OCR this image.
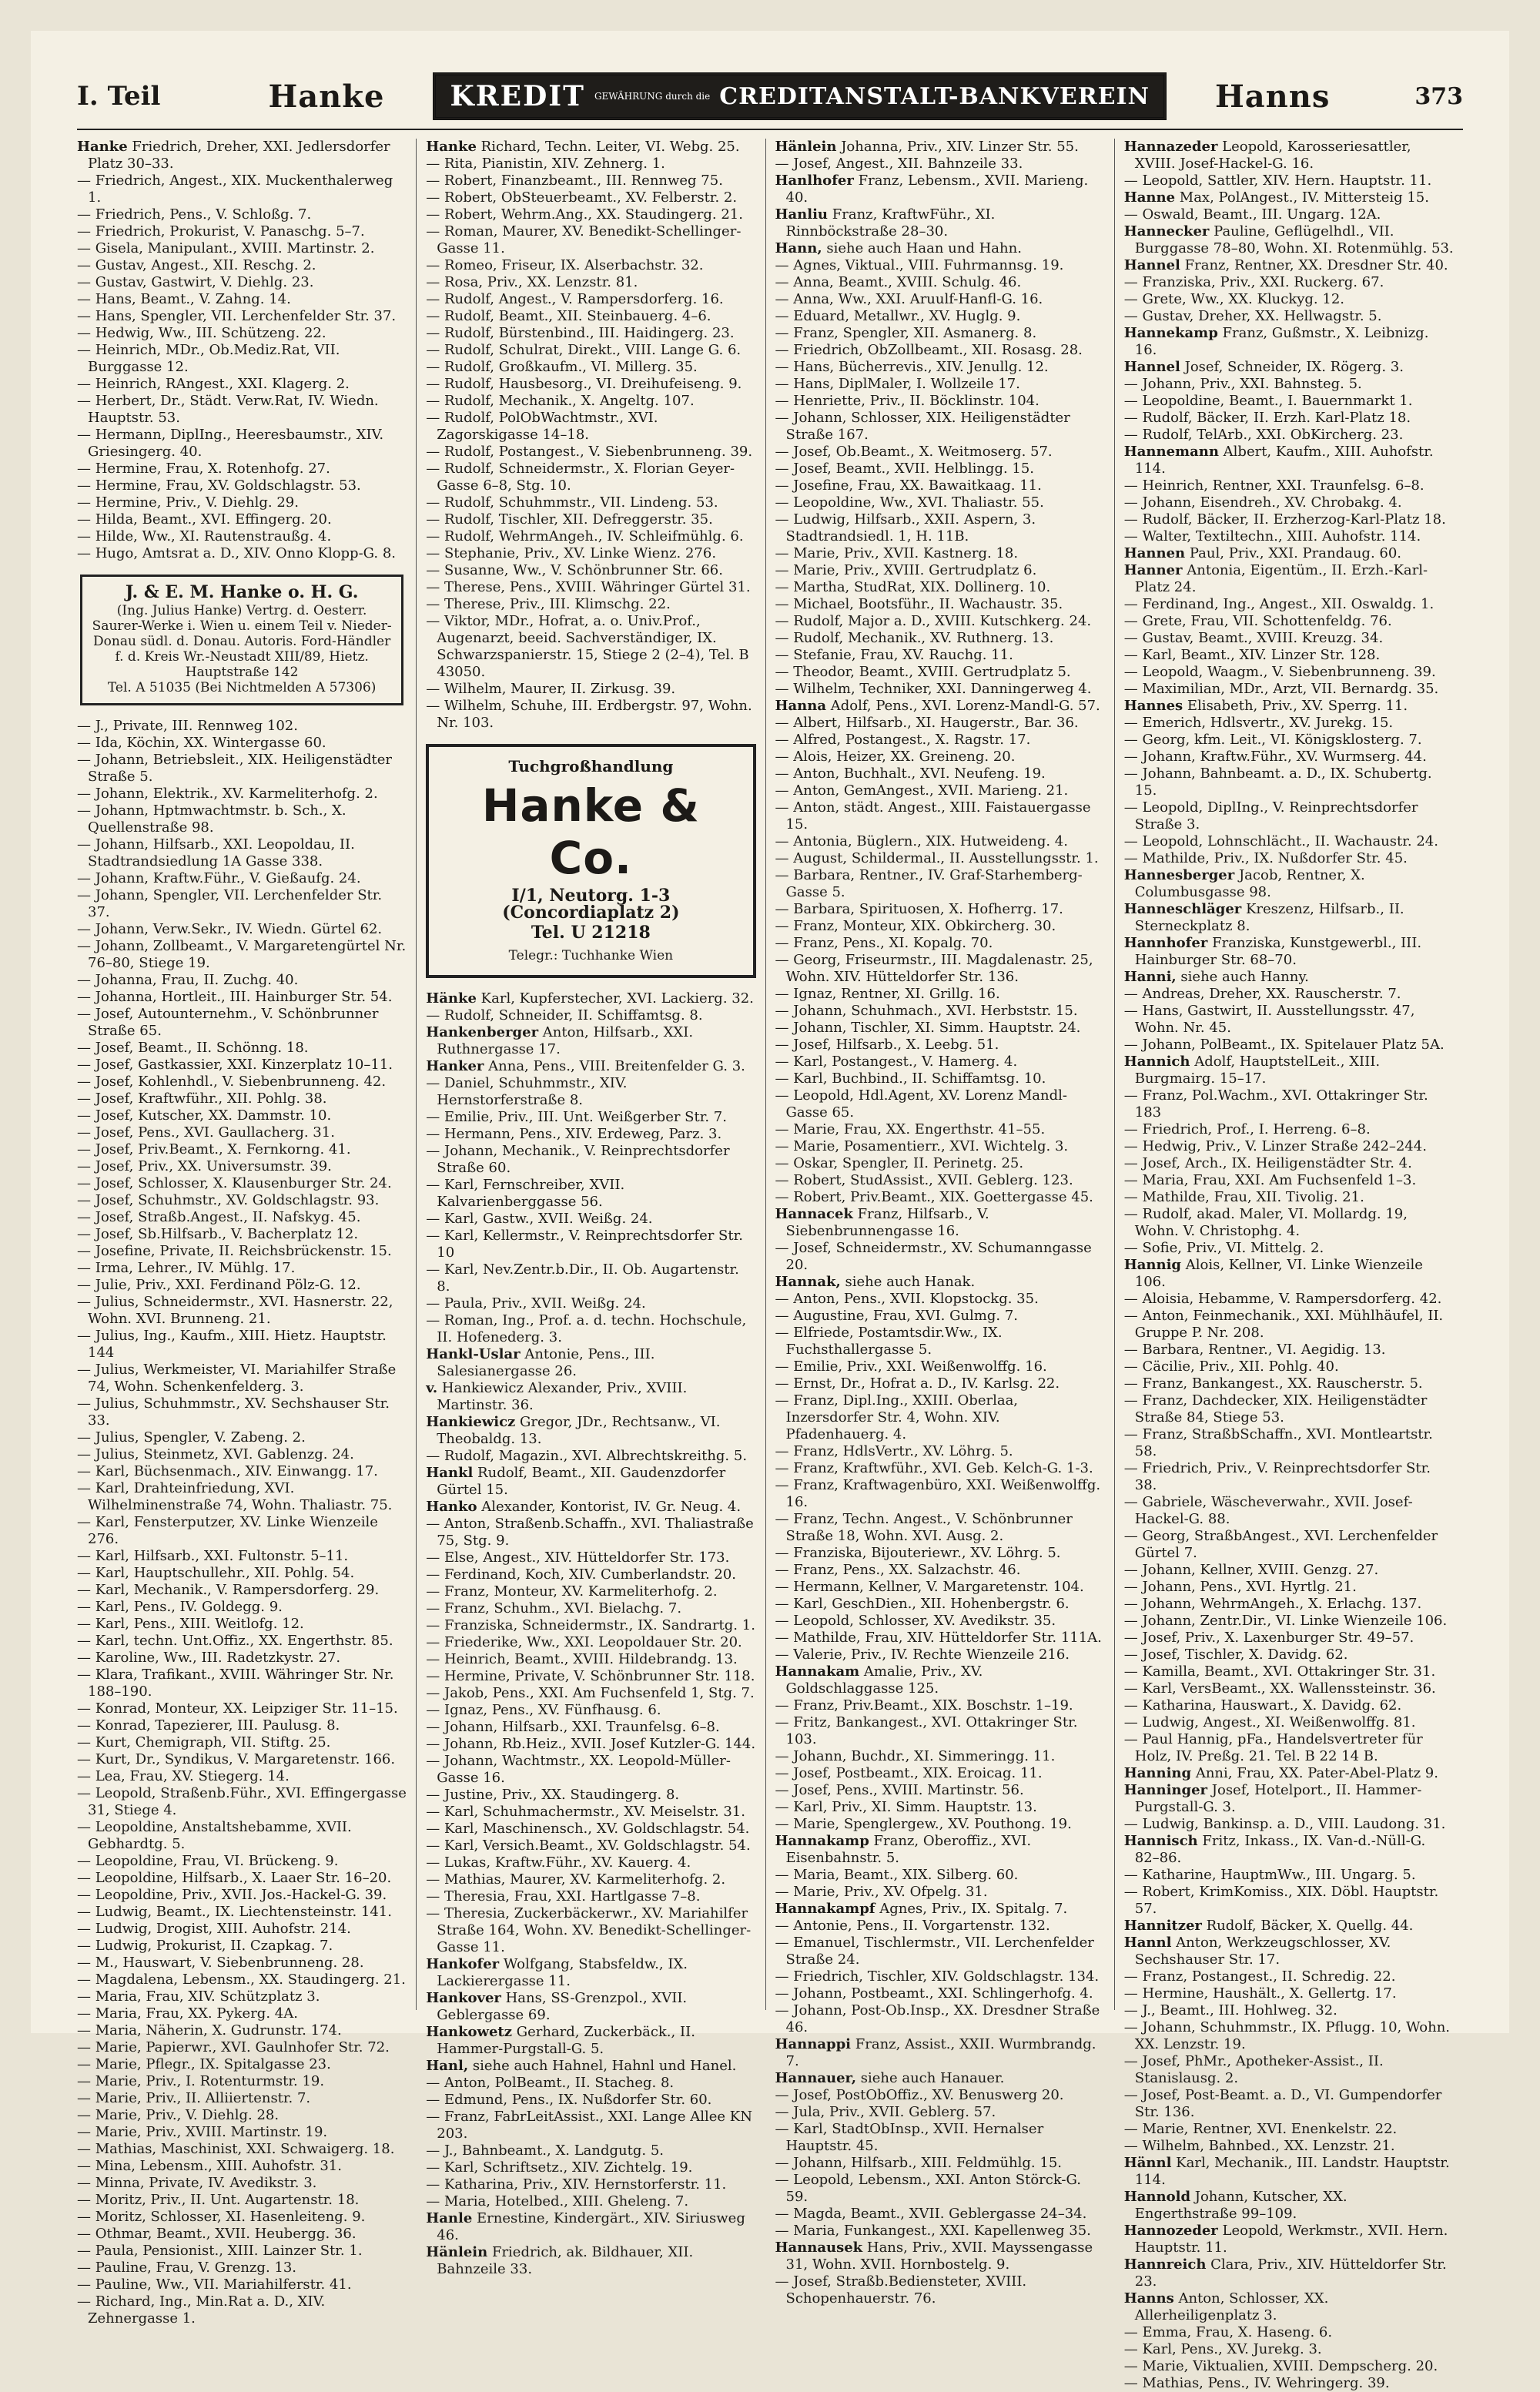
I. Teil	Hanke KREDIT GEWÄHRUNG durch die CREDITANSTALT-BANKVEREIN Hanns	373

Hanke Friedrich, Dreher, XXI. Jedlersdorfer Platz 30–33.

— Friedrich, Angest., XIX. Muckenthalerweg 1.

— Friedrich, Pens., V. Schloßg. 7.

— Friedrich, Prokurist, V. Panaschg. 5–7.

— Gisela, Manipulant., XVIII. Martinstr. 2.

— Gustav, Angest., XII. Reschg. 2.

— Gustav, Gastwirt, V. Diehlg. 23.

— Hans, Beamt., V. Zahng. 14.

— Hans, Spengler, VII. Lerchenfelder Str. 37.

— Hedwig, Ww., III. Schützeng. 22.

— Heinrich, MDr., Ob.Mediz.Rat, VII. Burggasse 12.

— Heinrich, RAngest., XXI. Klagerg. 2.

— Herbert, Dr., Städt. Verw.Rat, IV. Wiedn. Hauptstr. 53.

— Hermann, DiplIng., Heeresbaumstr., XIV. Griesingerg. 40.

— Hermine, Frau, X. Rotenhofg. 27.

— Hermine, Frau, XV. Goldschlagstr. 53.

— Hermine, Priv., V. Diehlg. 29.

— Hilda, Beamt., XVI. Effingerg. 20.

— Hilde, Ww., XI. Rautenstraußg. 4.

— Hugo, Amtsrat a. D., XIV. Onno Klopp-G. 8.

J. & E. M. Hanke o. H. G.
(Ing. Julius Hanke) Vertrg. d. Oesterr. Saurer-Werke i. Wien u. einem Teil v. Nieder-Donau südl. d. Donau. Autoris. Ford-Händler f. d. Kreis Wr.-Neustadt XIII/89, Hietz. Hauptstraße 142
Tel. A 51035 (Bei Nichtmelden A 57306)

— J., Private, III. Rennweg 102.

— Ida, Köchin, XX. Wintergasse 60.

— Johann, Betriebsleit., XIX. Heiligenstädter Straße 5.

— Johann, Elektrik., XV. Karmeliterhofg. 2.

— Johann, Hptmwachtmstr. b. Sch., X. Quellenstraße 98.

— Johann, Hilfsarb., XXI. Leopoldau, II. Stadtrandsiedlung 1A Gasse 338.

— Johann, Kraftw.Führ., V. Gießaufg. 24.

— Johann, Spengler, VII. Lerchenfelder Str. 37.

— Johann, Verw.Sekr., IV. Wiedn. Gürtel 62.

— Johann, Zollbeamt., V. Margaretengürtel Nr. 76–80, Stiege 19.

— Johanna, Frau, II. Zuchg. 40.

— Johanna, Hortleit., III. Hainburger Str. 54.

— Josef, Autounternehm., V. Schönbrunner Straße 65.

— Josef, Beamt., II. Schönng. 18.

— Josef, Gastkassier, XXI. Kinzerplatz 10–11.

— Josef, Kohlenhdl., V. Siebenbrunneng. 42.

— Josef, Kraftwführ., XII. Pohlg. 38.

— Josef, Kutscher, XX. Dammstr. 10.

— Josef, Pens., XVI. Gaullacherg. 31.

— Josef, Priv.Beamt., X. Fernkorng. 41.

— Josef, Priv., XX. Universumstr. 39.

— Josef, Schlosser, X. Klausenburger Str. 24.

— Josef, Schuhmstr., XV. Goldschlagstr. 93.

— Josef, Straßb.Angest., II. Nafskyg. 45.

— Josef, Sb.Hilfsarb., V. Bacherplatz 12.

— Josefine, Private, II. Reichsbrückenstr. 15.

— Irma, Lehrer., IV. Mühlg. 17.

— Julie, Priv., XXI. Ferdinand Pölz-G. 12.

— Julius, Schneidermstr., XVI. Hasnerstr. 22, Wohn. XVI. Brunneng. 21.

— Julius, Ing., Kaufm., XIII. Hietz. Hauptstr. 144

— Julius, Werkmeister, VI. Mariahilfer Straße 74, Wohn. Schenkenfelderg. 3.

— Julius, Schuhmmstr., XV. Sechshauser Str. 33.

— Julius, Spengler, V. Zabeng. 2.

— Julius, Steinmetz, XVI. Gablenzg. 24.

— Karl, Büchsenmach., XIV. Einwangg. 17.

— Karl, Drahteinfriedung, XVI. Wilhelminenstraße 74, Wohn. Thaliastr. 75.

— Karl, Fensterputzer, XV. Linke Wienzeile 276.

— Karl, Hilfsarb., XXI. Fultonstr. 5–11.

— Karl, Hauptschullehr., XII. Pohlg. 54.

— Karl, Mechanik., V. Rampersdorferg. 29.

— Karl, Pens., IV. Goldegg. 9.

— Karl, Pens., XIII. Weitlofg. 12.

— Karl, techn. Unt.Offiz., XX. Engerthstr. 85.

— Karoline, Ww., III. Radetzkystr. 27.

— Klara, Trafikant., XVIII. Währinger Str. Nr. 188–190.

— Konrad, Monteur, XX. Leipziger Str. 11–15.

— Konrad, Tapezierer, III. Paulusg. 8.

— Kurt, Chemigraph, VII. Stiftg. 25.

— Kurt, Dr., Syndikus, V. Margaretenstr. 166.

— Lea, Frau, XV. Stiegerg. 14.

— Leopold, Straßenb.Führ., XVI. Effingergasse 31, Stiege 4.

— Leopoldine, Anstaltshebamme, XVII. Gebhardtg. 5.

— Leopoldine, Frau, VI. Brückeng. 9.

— Leopoldine, Hilfsarb., X. Laaer Str. 16–20.

— Leopoldine, Priv., XVII. Jos.-Hackel-G. 39.

— Ludwig, Beamt., IX. Liechtensteinstr. 141.

— Ludwig, Drogist, XIII. Auhofstr. 214.

— Ludwig, Prokurist, II. Czapkag. 7.

— M., Hauswart, V. Siebenbrunneng. 28.

— Magdalena, Lebensm., XX. Staudingerg. 21.

— Maria, Frau, XIV. Schützplatz 3.

— Maria, Frau, XX. Pykerg. 4A.

— Maria, Näherin, X. Gudrunstr. 174.

— Marie, Papierwr., XVI. Gaulnhofer Str. 72.

— Marie, Pflegr., IX. Spitalgasse 23.

— Marie, Priv., I. Rotenturmstr. 19.

— Marie, Priv., II. Alliiertenstr. 7.

— Marie, Priv., V. Diehlg. 28.

— Marie, Priv., XVIII. Martinstr. 19.

— Mathias, Maschinist, XXI. Schwaigerg. 18.

— Mina, Lebensm., XIII. Auhofstr. 31.

— Minna, Private, IV. Avedikstr. 3.

— Moritz, Priv., II. Unt. Augartenstr. 18.

— Moritz, Schlosser, XI. Hasenleiteng. 9.

— Othmar, Beamt., XVII. Heubergg. 36.

— Paula, Pensionist., XIII. Lainzer Str. 1.

— Pauline, Frau, V. Grenzg. 13.

— Pauline, Ww., VII. Mariahilferstr. 41.

— Richard, Ing., Min.Rat a. D., XIV. Zehnergasse 1.

Hanke Richard, Techn. Leiter, VI. Webg. 25.

— Rita, Pianistin, XIV. Zehnerg. 1.

— Robert, Finanzbeamt., III. Rennweg 75.

— Robert, ObSteuerbeamt., XV. Felberstr. 2.

— Robert, Wehrm.Ang., XX. Staudingerg. 21.

— Roman, Maurer, XV. Benedikt-Schellinger-Gasse 11.

— Romeo, Friseur, IX. Alserbachstr. 32.

— Rosa, Priv., XX. Lenzstr. 81.

— Rudolf, Angest., V. Rampersdorferg. 16.

— Rudolf, Beamt., XII. Steinbauerg. 4–6.

— Rudolf, Bürstenbind., III. Haidingerg. 23.

— Rudolf, Schulrat, Direkt., VIII. Lange G. 6.

— Rudolf, Großkaufm., VI. Millerg. 35.

— Rudolf, Hausbesorg., VI. Dreihufeiseng. 9.

— Rudolf, Mechanik., X. Angeltg. 107.

— Rudolf, PolObWachtmstr., XVI. Zagorskigasse 14–18.

— Rudolf, Postangest., V. Siebenbrunneng. 39.

— Rudolf, Schneidermstr., X. Florian Geyer-Gasse 6–8, Stg. 10.

— Rudolf, Schuhmmstr., VII. Lindeng. 53.

— Rudolf, Tischler, XII. Defreggerstr. 35.

— Rudolf, WehrmAngeh., IV. Schleifmühlg. 6.

— Stephanie, Priv., XV. Linke Wienz. 276.

— Susanne, Ww., V. Schönbrunner Str. 66.

— Therese, Pens., XVIII. Währinger Gürtel 31.

— Therese, Priv., III. Klimschg. 22.

— Viktor, MDr., Hofrat, a. o. Univ.Prof., Augenarzt, beeid. Sachverständiger, IX. Schwarzspanierstr. 15, Stiege 2 (2–4), Tel. B 43050.

— Wilhelm, Maurer, II. Zirkusg. 39.

— Wilhelm, Schuhe, III. Erdbergstr. 97, Wohn. Nr. 103.

Tuchgroßhandlung
Hanke & Co.
I/1, Neutorg. 1-3 (Concordiaplatz 2)
Tel. U 21218
Telegr.: Tuchhanke Wien

Hänke Karl, Kupferstecher, XVI. Lackierg. 32.

— Rudolf, Schneider, II. Schiffamtsg. 8.

Hankenberger Anton, Hilfsarb., XXI. Ruthnergasse 17.

Hanker Anna, Pens., VIII. Breitenfelder G. 3.

— Daniel, Schuhmmstr., XIV. Hernstorferstraße 8.

— Emilie, Priv., III. Unt. Weißgerber Str. 7.

— Hermann, Pens., XIV. Erdeweg, Parz. 3.

— Johann, Mechanik., V. Reinprechtsdorfer Straße 60.

— Karl, Fernschreiber, XVII. Kalvarienberggasse 56.

— Karl, Gastw., XVII. Weißg. 24.

— Karl, Kellermstr., V. Reinprechtsdorfer Str. 10

— Karl, Nev.Zentr.b.Dir., II. Ob. Augartenstr. 8.

— Paula, Priv., XVII. Weißg. 24.

— Roman, Ing., Prof. a. d. techn. Hochschule, II. Hofenederg. 3.

Hankl-Uslar Antonie, Pens., III. Salesianergasse 26.

v. Hankiewicz Alexander, Priv., XVIII. Martinstr. 36.

Hankiewicz Gregor, JDr., Rechtsanw., VI. Theobaldg. 13.

— Rudolf, Magazin., XVI. Albrechtskreithg. 5.

Hankl Rudolf, Beamt., XII. Gaudenzdorfer Gürtel 15.

Hanko Alexander, Kontorist, IV. Gr. Neug. 4.

— Anton, Straßenb.Schaffn., XVI. Thaliastraße 75, Stg. 9.

— Else, Angest., XIV. Hütteldorfer Str. 173.

— Ferdinand, Koch, XIV. Cumberlandstr. 20.

— Franz, Monteur, XV. Karmeliterhofg. 2.

— Franz, Schuhm., XVI. Bielachg. 7.

— Franziska, Schneidermstr., IX. Sandrartg. 1.

— Friederike, Ww., XXI. Leopoldauer Str. 20.

— Heinrich, Beamt., XVIII. Hildebrandg. 13.

— Hermine, Private, V. Schönbrunner Str. 118.

— Jakob, Pens., XXI. Am Fuchsenfeld 1, Stg. 7.

— Ignaz, Pens., XV. Fünfhausg. 6.

— Johann, Hilfsarb., XXI. Traunfelsg. 6–8.

— Johann, Rb.Heiz., XVII. Josef Kutzler-G. 144.

— Johann, Wachtmstr., XX. Leopold-Müller-Gasse 16.

— Justine, Priv., XX. Staudingerg. 8.

— Karl, Schuhmachermstr., XV. Meiselstr. 31.

— Karl, Maschinensch., XV. Goldschlagstr. 54.

— Karl, Versich.Beamt., XV. Goldschlagstr. 54.

— Lukas, Kraftw.Führ., XV. Kauerg. 4.

— Mathias, Maurer, XV. Karmeliterhofg. 2.

— Theresia, Frau, XXI. Hartlgasse 7–8.

— Theresia, Zuckerbäckerwr., XV. Mariahilfer Straße 164, Wohn. XV. Benedikt-Schellinger-Gasse 11.

Hankofer Wolfgang, Stabsfeldw., IX. Lackierergasse 11.

Hankover Hans, SS-Grenzpol., XVII. Geblergasse 69.

Hankowetz Gerhard, Zuckerbäck., II. Hammer-Purgstall-G. 5.

Hanl, siehe auch Hahnel, Hahnl und Hanel.

— Anton, PolBeamt., II. Stacheg. 8.

— Edmund, Pens., IX. Nußdorfer Str. 60.

— Franz, FabrLeitAssist., XXI. Lange Allee KN 203.

— J., Bahnbeamt., X. Landgutg. 5.

— Karl, Schriftsetz., XIV. Zichtelg. 19.

— Katharina, Priv., XIV. Hernstorferstr. 11.

— Maria, Hotelbed., XIII. Gheleng. 7.

Hanle Ernestine, Kindergärt., XIV. Siriusweg 46.

Hänlein Friedrich, ak. Bildhauer, XII. Bahnzeile 33.

Hänlein Johanna, Priv., XIV. Linzer Str. 55.

— Josef, Angest., XII. Bahnzeile 33.

Hanlhofer Franz, Lebensm., XVII. Marieng. 40.

Hanliu Franz, KraftwFühr., XI. Rinnböckstraße 28–30.

Hann, siehe auch Haan und Hahn.

— Agnes, Viktual., VIII. Fuhrmannsg. 19.

— Anna, Beamt., XVIII. Schulg. 46.

— Anna, Ww., XXI. Aruulf-Hanfl-G. 16.

— Eduard, Metallwr., XV. Huglg. 9.

— Franz, Spengler, XII. Asmanerg. 8.

— Friedrich, ObZollbeamt., XII. Rosasg. 28.

— Hans, Bücherrevis., XIV. Jenullg. 12.

— Hans, DiplMaler, I. Wollzeile 17.

— Henriette, Priv., II. Böcklinstr. 104.

— Johann, Schlosser, XIX. Heiligenstädter Straße 167.

— Josef, Ob.Beamt., X. Weitmoserg. 57.

— Josef, Beamt., XVII. Helblingg. 15.

— Josefine, Frau, XX. Bawaitkaag. 11.

— Leopoldine, Ww., XVI. Thaliastr. 55.

— Ludwig, Hilfsarb., XXII. Aspern, 3. Stadtrandsiedl. 1, H. 11B.

— Marie, Priv., XVII. Kastnerg. 18.

— Marie, Priv., XVIII. Gertrudplatz 6.

— Martha, StudRat, XIX. Dollinerg. 10.

— Michael, Bootsführ., II. Wachaustr. 35.

— Rudolf, Major a. D., XVIII. Kutschkerg. 24.

— Rudolf, Mechanik., XV. Ruthnerg. 13.

— Stefanie, Frau, XV. Rauchg. 11.

— Theodor, Beamt., XVIII. Gertrudplatz 5.

— Wilhelm, Techniker, XXI. Danningerweg 4.

Hanna Adolf, Pens., XVI. Lorenz-Mandl-G. 57.

— Albert, Hilfsarb., XI. Haugerstr., Bar. 36.

— Alfred, Postangest., X. Ragstr. 17.

— Alois, Heizer, XX. Greineng. 20.

— Anton, Buchhalt., XVI. Neufeng. 19.

— Anton, GemAngest., XVII. Marieng. 21.

— Anton, städt. Angest., XIII. Faistauergasse 15.

— Antonia, Büglern., XIX. Hutweideng. 4.

— August, Schildermal., II. Ausstellungsstr. 1.

— Barbara, Rentner., IV. Graf-Starhemberg-Gasse 5.

— Barbara, Spirituosen, X. Hofherrg. 17.

— Franz, Monteur, XIX. Obkircherg. 30.

— Franz, Pens., XI. Kopalg. 70.

— Georg, Friseurmstr., III. Magdalenastr. 25, Wohn. XIV. Hütteldorfer Str. 136.

— Ignaz, Rentner, XI. Grillg. 16.

— Johann, Schuhmach., XVI. Herbststr. 15.

— Johann, Tischler, XI. Simm. Hauptstr. 24.

— Josef, Hilfsarb., X. Leebg. 51.

— Karl, Postangest., V. Hamerg. 4.

— Karl, Buchbind., II. Schiffamtsg. 10.

— Leopold, Hdl.Agent, XV. Lorenz Mandl-Gasse 65.

— Marie, Frau, XX. Engerthstr. 41–55.

— Marie, Posamentierr., XVI. Wichtelg. 3.

— Oskar, Spengler, II. Perinetg. 25.

— Robert, StudAssist., XVII. Geblerg. 123.

— Robert, Priv.Beamt., XIX. Goettergasse 45.

Hannacek Franz, Hilfsarb., V. Siebenbrunnengasse 16.

— Josef, Schneidermstr., XV. Schumanngasse 20.

Hannak, siehe auch Hanak.

— Anton, Pens., XVII. Klopstockg. 35.

— Augustine, Frau, XVI. Gulmg. 7.

— Elfriede, Postamtsdir.Ww., IX. Fuchsthallergasse 5.

— Emilie, Priv., XXI. Weißenwolffg. 16.

— Ernst, Dr., Hofrat a. D., IV. Karlsg. 22.

— Franz, Dipl.Ing., XXIII. Oberlaa, Inzersdorfer Str. 4, Wohn. XIV. Pfadenhauerg. 4.

— Franz, HdlsVertr., XV. Löhrg. 5.

— Franz, Kraftwführ., XVI. Geb. Kelch-G. 1-3.

— Franz, Kraftwagenbüro, XXI. Weißenwolffg. 16.

— Franz, Techn. Angest., V. Schönbrunner Straße 18, Wohn. XVI. Ausg. 2.

— Franziska, Bijouteriewr., XV. Löhrg. 5.

— Franz, Pens., XX. Salzachstr. 46.

— Hermann, Kellner, V. Margaretenstr. 104.

— Karl, GeschDien., XII. Hohenbergstr. 6.

— Leopold, Schlosser, XV. Avedikstr. 35.

— Mathilde, Frau, XIV. Hütteldorfer Str. 111A.

— Valerie, Priv., IV. Rechte Wienzeile 216.

Hannakam Amalie, Priv., XV. Goldschlaggasse 125.

— Franz, Priv.Beamt., XIX. Boschstr. 1–19.

— Fritz, Bankangest., XVI. Ottakringer Str. 103.

— Johann, Buchdr., XI. Simmeringg. 11.

— Josef, Postbeamt., XIX. Eroicag. 11.

— Josef, Pens., XVIII. Martinstr. 56.

— Karl, Priv., XI. Simm. Hauptstr. 13.

— Marie, Spenglergew., XV. Pouthong. 19.

Hannakamp Franz, Oberoffiz., XVI. Eisenbahnstr. 5.

— Maria, Beamt., XIX. Silberg. 60.

— Marie, Priv., XV. Ofpelg. 31.

Hannakampf Agnes, Priv., IX. Spitalg. 7.

— Antonie, Pens., II. Vorgartenstr. 132.

— Emanuel, Tischlermstr., VII. Lerchenfelder Straße 24.

— Friedrich, Tischler, XIV. Goldschlagstr. 134.

— Johann, Postbeamt., XXI. Schlingerhofg. 4.

— Johann, Post-Ob.Insp., XX. Dresdner Straße 46.

Hannappi Franz, Assist., XXII. Wurmbrandg. 7.

Hannauer, siehe auch Hanauer.

— Josef, PostObOffiz., XV. Benuswerg 20.

— Jula, Priv., XVII. Geblerg. 57.

— Karl, StadtObInsp., XVII. Hernalser Hauptstr. 45.

— Johann, Hilfsarb., XIII. Feldmühlg. 15.

— Leopold, Lebensm., XXI. Anton Störck-G. 59.

— Magda, Beamt., XVII. Geblergasse 24–34.

— Maria, Funkangest., XXI. Kapellenweg 35.

Hannausek Hans, Priv., XVII. Mayssengasse 31, Wohn. XVII. Hornbostelg. 9.

— Josef, Straßb.Bediensteter, XVIII. Schopenhauerstr. 76.

Hannazeder Leopold, Karosseriesattler, XVIII. Josef-Hackel-G. 16.

— Leopold, Sattler, XIV. Hern. Hauptstr. 11.

Hanne Max, PolAngest., IV. Mittersteig 15.

— Oswald, Beamt., III. Ungarg. 12A.

Hannecker Pauline, Geflügelhdl., VII. Burggasse 78–80, Wohn. XI. Rotenmühlg. 53.

Hannel Franz, Rentner, XX. Dresdner Str. 40.

— Franziska, Priv., XXI. Ruckerg. 67.

— Grete, Ww., XX. Kluckyg. 12.

— Gustav, Dreher, XX. Hellwagstr. 5.

Hannekamp Franz, Gußmstr., X. Leibnizg. 16.

Hannel Josef, Schneider, IX. Rögerg. 3.

— Johann, Priv., XXI. Bahnsteg. 5.

— Leopoldine, Beamt., I. Bauernmarkt 1.

— Rudolf, Bäcker, II. Erzh. Karl-Platz 18.

— Rudolf, TelArb., XXI. ObKircherg. 23.

Hannemann Albert, Kaufm., XIII. Auhofstr. 114.

— Heinrich, Rentner, XXI. Traunfelsg. 6–8.

— Johann, Eisendreh., XV. Chrobakg. 4.

— Rudolf, Bäcker, II. Erzherzog-Karl-Platz 18.

— Walter, Textiltechn., XIII. Auhofstr. 114.

Hannen Paul, Priv., XXI. Prandaug. 60.

Hanner Antonia, Eigentüm., II. Erzh.-Karl-Platz 24.

— Ferdinand, Ing., Angest., XII. Oswaldg. 1.

— Grete, Frau, VII. Schottenfeldg. 76.

— Gustav, Beamt., XVIII. Kreuzg. 34.

— Karl, Beamt., XIV. Linzer Str. 128.

— Leopold, Waagm., V. Siebenbrunneng. 39.

— Maximilian, MDr., Arzt, VII. Bernardg. 35.

Hannes Elisabeth, Priv., XV. Sperrg. 11.

— Emerich, Hdlsvertr., XV. Jurekg. 15.

— Georg, kfm. Leit., VI. Königsklosterg. 7.

— Johann, Kraftw.Führ., XV. Wurmserg. 44.

— Johann, Bahnbeamt. a. D., IX. Schubertg. 15.

— Leopold, DiplIng., V. Reinprechtsdorfer Straße 3.

— Leopold, Lohnschlächt., II. Wachaustr. 24.

— Mathilde, Priv., IX. Nußdorfer Str. 45.

Hannesberger Jacob, Rentner, X. Columbusgasse 98.

Hanneschläger Kreszenz, Hilfsarb., II. Sterneckplatz 8.

Hannhofer Franziska, Kunstgewerbl., III. Hainburger Str. 68–70.

Hanni, siehe auch Hanny.

— Andreas, Dreher, XX. Rauscherstr. 7.

— Hans, Gastwirt, II. Ausstellungsstr. 47, Wohn. Nr. 45.

— Johann, PolBeamt., IX. Spitelauer Platz 5A.

Hannich Adolf, HauptstelLeit., XIII. Burgmairg. 15–17.

— Franz, Pol.Wachm., XVI. Ottakringer Str. 183

— Friedrich, Prof., I. Herreng. 6–8.

— Hedwig, Priv., V. Linzer Straße 242–244.

— Josef, Arch., IX. Heiligenstädter Str. 4.

— Maria, Frau, XXI. Am Fuchsenfeld 1–3.

— Mathilde, Frau, XII. Tivolig. 21.

— Rudolf, akad. Maler, VI. Mollardg. 19, Wohn. V. Christophg. 4.

— Sofie, Priv., VI. Mittelg. 2.

Hannig Alois, Kellner, VI. Linke Wienzeile 106.

— Aloisia, Hebamme, V. Rampersdorferg. 42.

— Anton, Feinmechanik., XXI. Mühlhäufel, II. Gruppe P. Nr. 208.

— Barbara, Rentner., VI. Aegidig. 13.

— Cäcilie, Priv., XII. Pohlg. 40.

— Franz, Bankangest., XX. Rauscherstr. 5.

— Franz, Dachdecker, XIX. Heiligenstädter Straße 84, Stiege 53.

— Franz, StraßbSchaffn., XVI. Montleartstr. 58.

— Friedrich, Priv., V. Reinprechtsdorfer Str. 38.

— Gabriele, Wäscheverwahr., XVII. Josef-Hackel-G. 88.

— Georg, StraßbAngest., XVI. Lerchenfelder Gürtel 7.

— Johann, Kellner, XVIII. Genzg. 27.

— Johann, Pens., XVI. Hyrtlg. 21.

— Johann, WehrmAngeh., X. Erlachg. 137.

— Johann, Zentr.Dir., VI. Linke Wienzeile 106.

— Josef, Priv., X. Laxenburger Str. 49–57.

— Josef, Tischler, X. Davidg. 62.

— Kamilla, Beamt., XVI. Ottakringer Str. 31.

— Karl, VersBeamt., XX. Wallenssteinstr. 36.

— Katharina, Hauswart., X. Davidg. 62.

— Ludwig, Angest., XI. Weißenwolffg. 81.

— Paul Hannig, pFa., Handelsvertreter für Holz, IV. Preßg. 21. Tel. B 22 14 B.

Hanning Anni, Frau, XX. Pater-Abel-Platz 9.

Hanninger Josef, Hotelport., II. Hammer-Purgstall-G. 3.

— Ludwig, Bankinsp. a. D., VIII. Laudong. 31.

Hannisch Fritz, Inkass., IX. Van-d.-Nüll-G. 82–86.

— Katharine, HauptmWw., III. Ungarg. 5.

— Robert, KrimKomiss., XIX. Döbl. Hauptstr. 57.

Hannitzer Rudolf, Bäcker, X. Quellg. 44.

Hannl Anton, Werkzeugschlosser, XV. Sechshauser Str. 17.

— Franz, Postangest., II. Schredig. 22.

— Hermine, Haushält., X. Gellertg. 17.

— J., Beamt., III. Hohlweg. 32.

— Johann, Schuhmmstr., IX. Pflugg. 10, Wohn. XX. Lenzstr. 19.

— Josef, PhMr., Apotheker-Assist., II. Stanislausg. 2.

— Josef, Post-Beamt. a. D., VI. Gumpendorfer Str. 136.

— Marie, Rentner, XVI. Enenkelstr. 22.

— Wilhelm, Bahnbed., XX. Lenzstr. 21.

Hännl Karl, Mechanik., III. Landstr. Hauptstr. 114.

Hannold Johann, Kutscher, XX. Engerthstraße 99–109.

Hannozeder Leopold, Werkmstr., XVII. Hern. Hauptstr. 11.

Hannreich Clara, Priv., XIV. Hütteldorfer Str. 23.

Hanns Anton, Schlosser, XX. Allerheiligenplatz 3.

— Emma, Frau, X. Haseng. 6.

— Karl, Pens., XV. Jurekg. 3.

— Marie, Viktualien, XVIII. Dempscherg. 20.

— Mathias, Pens., IV. Wehringerg. 39.
